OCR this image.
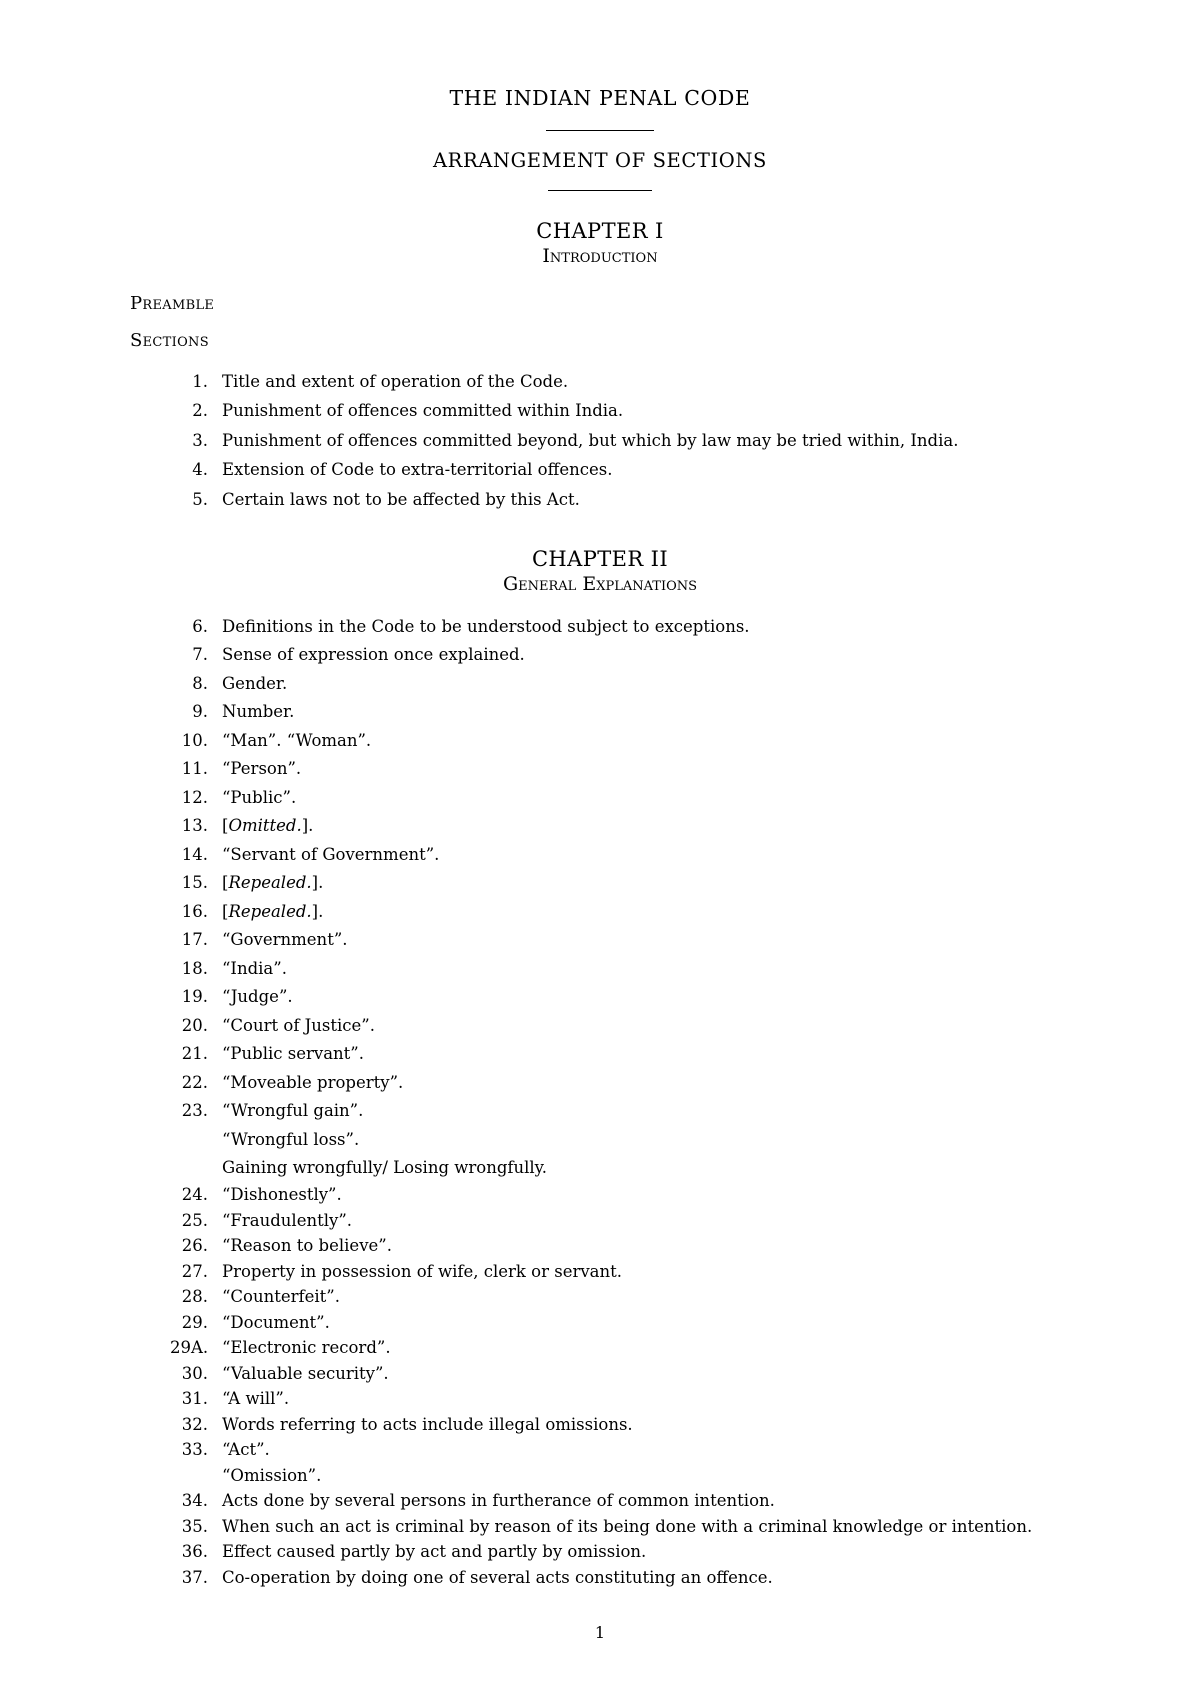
THE INDIAN PENAL CODE
ARRANGEMENT OF SECTIONS
CHAPTER I
Introduction
Preamble
Sections
1. Title and extent of operation of the Code.
2. Punishment of offences committed within India.
3. Punishment of offences committed beyond, but which by law may be tried within, India.
4. Extension of Code to extra-territorial offences.
5. Certain laws not to be affected by this Act.
CHAPTER II
General Explanations
6. Definitions in the Code to be understood subject to exceptions.
7. Sense of expression once explained.
8. Gender.
9. Number.
10. “Man”. “Woman”.
11. “Person”.
12. “Public”.
13. [Omitted.].
14. “Servant of Government”.
15. [Repealed.].
16. [Repealed.].
17. “Government”.
18. “India”.
19. “Judge”.
20. “Court of Justice”.
21. “Public servant”.
22. “Moveable property”.
23. “Wrongful gain”.
“Wrongful loss”.
Gaining wrongfully/ Losing wrongfully.
24. “Dishonestly”.
25. “Fraudulently”.
26. “Reason to believe”.
27. Property in possession of wife, clerk or servant.
28. “Counterfeit”.
29. “Document”.
29A. “Electronic record”.
30. “Valuable security”.
31. “A will”.
32. Words referring to acts include illegal omissions.
33. “Act”.
“Omission”.
34. Acts done by several persons in furtherance of common intention.
35. When such an act is criminal by reason of its being done with a criminal knowledge or intention.
36. Effect caused partly by act and partly by omission.
37. Co-operation by doing one of several acts constituting an offence.
1
